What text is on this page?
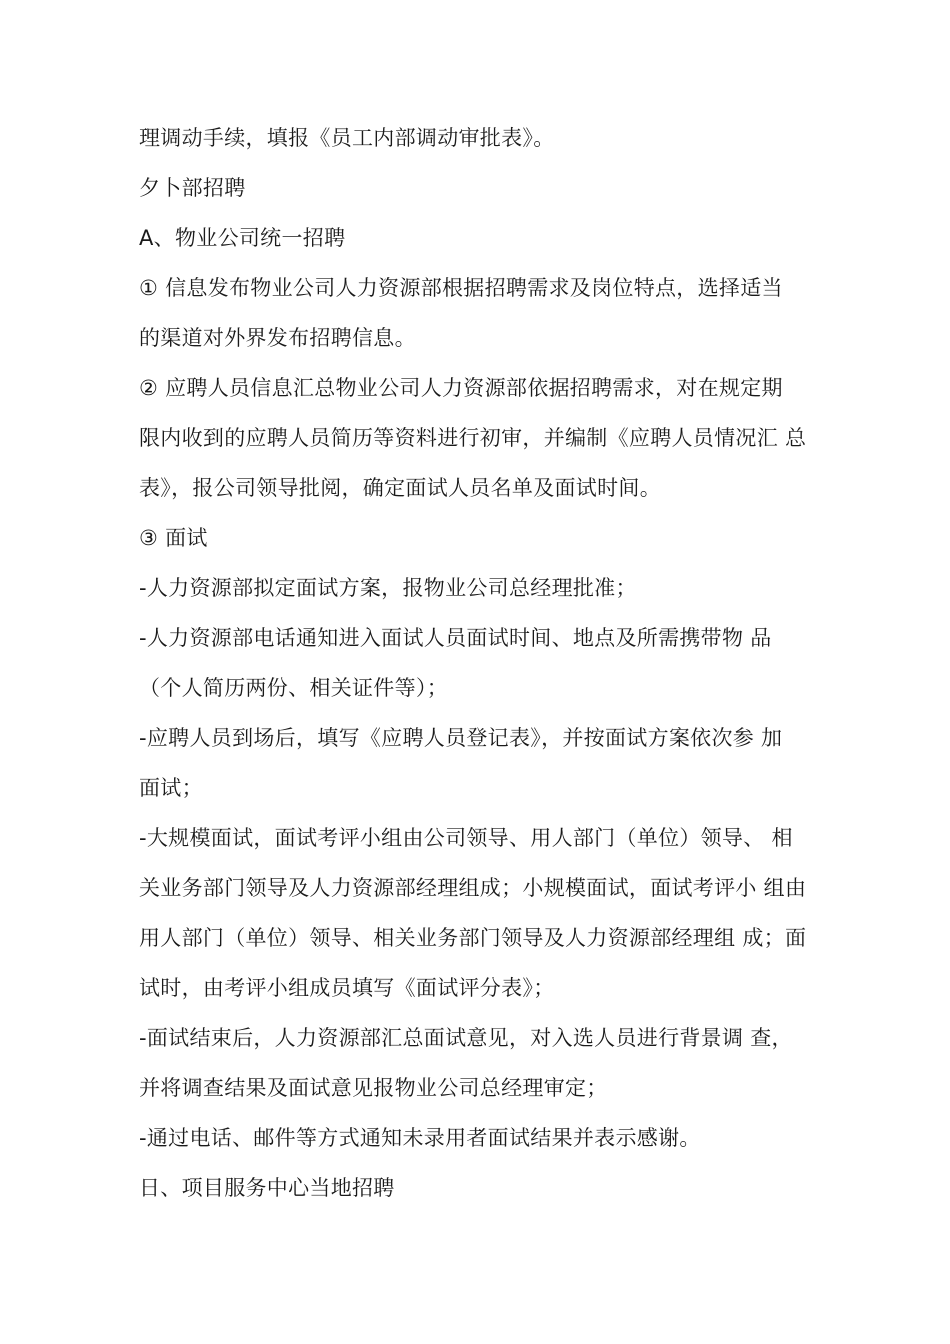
理调动手续，填报《员工内部调动审批表》。
夕卜部招聘
A、物业公司统一招聘
① 信息发布物业公司人力资源部根据招聘需求及岗位特点，选择适当
的渠道对外界发布招聘信息。
② 应聘人员信息汇总物业公司人力资源部依据招聘需求，对在规定期
限内收到的应聘人员简历等资料进行初审，并编制《应聘人员情况汇 总
表》，报公司领导批阅，确定面试人员名单及面试时间。
③ 面试
-人力资源部拟定面试方案，报物业公司总经理批准；
-人力资源部电话通知进入面试人员面试时间、地点及所需携带物 品
（个人简历两份、相关证件等）；
-应聘人员到场后，填写《应聘人员登记表》，并按面试方案依次参 加
面试；
-大规模面试，面试考评小组由公司领导、用人部门（单位）领导、 相
关业务部门领导及人力资源部经理组成；小规模面试，面试考评小 组由
用人部门（单位）领导、相关业务部门领导及人力资源部经理组 成；面
试时，由考评小组成员填写《面试评分表》；
-面试结束后，人力资源部汇总面试意见，对入选人员进行背景调 查，
并将调查结果及面试意见报物业公司总经理审定；
-通过电话、邮件等方式通知未录用者面试结果并表示感谢。
日、项目服务中心当地招聘
